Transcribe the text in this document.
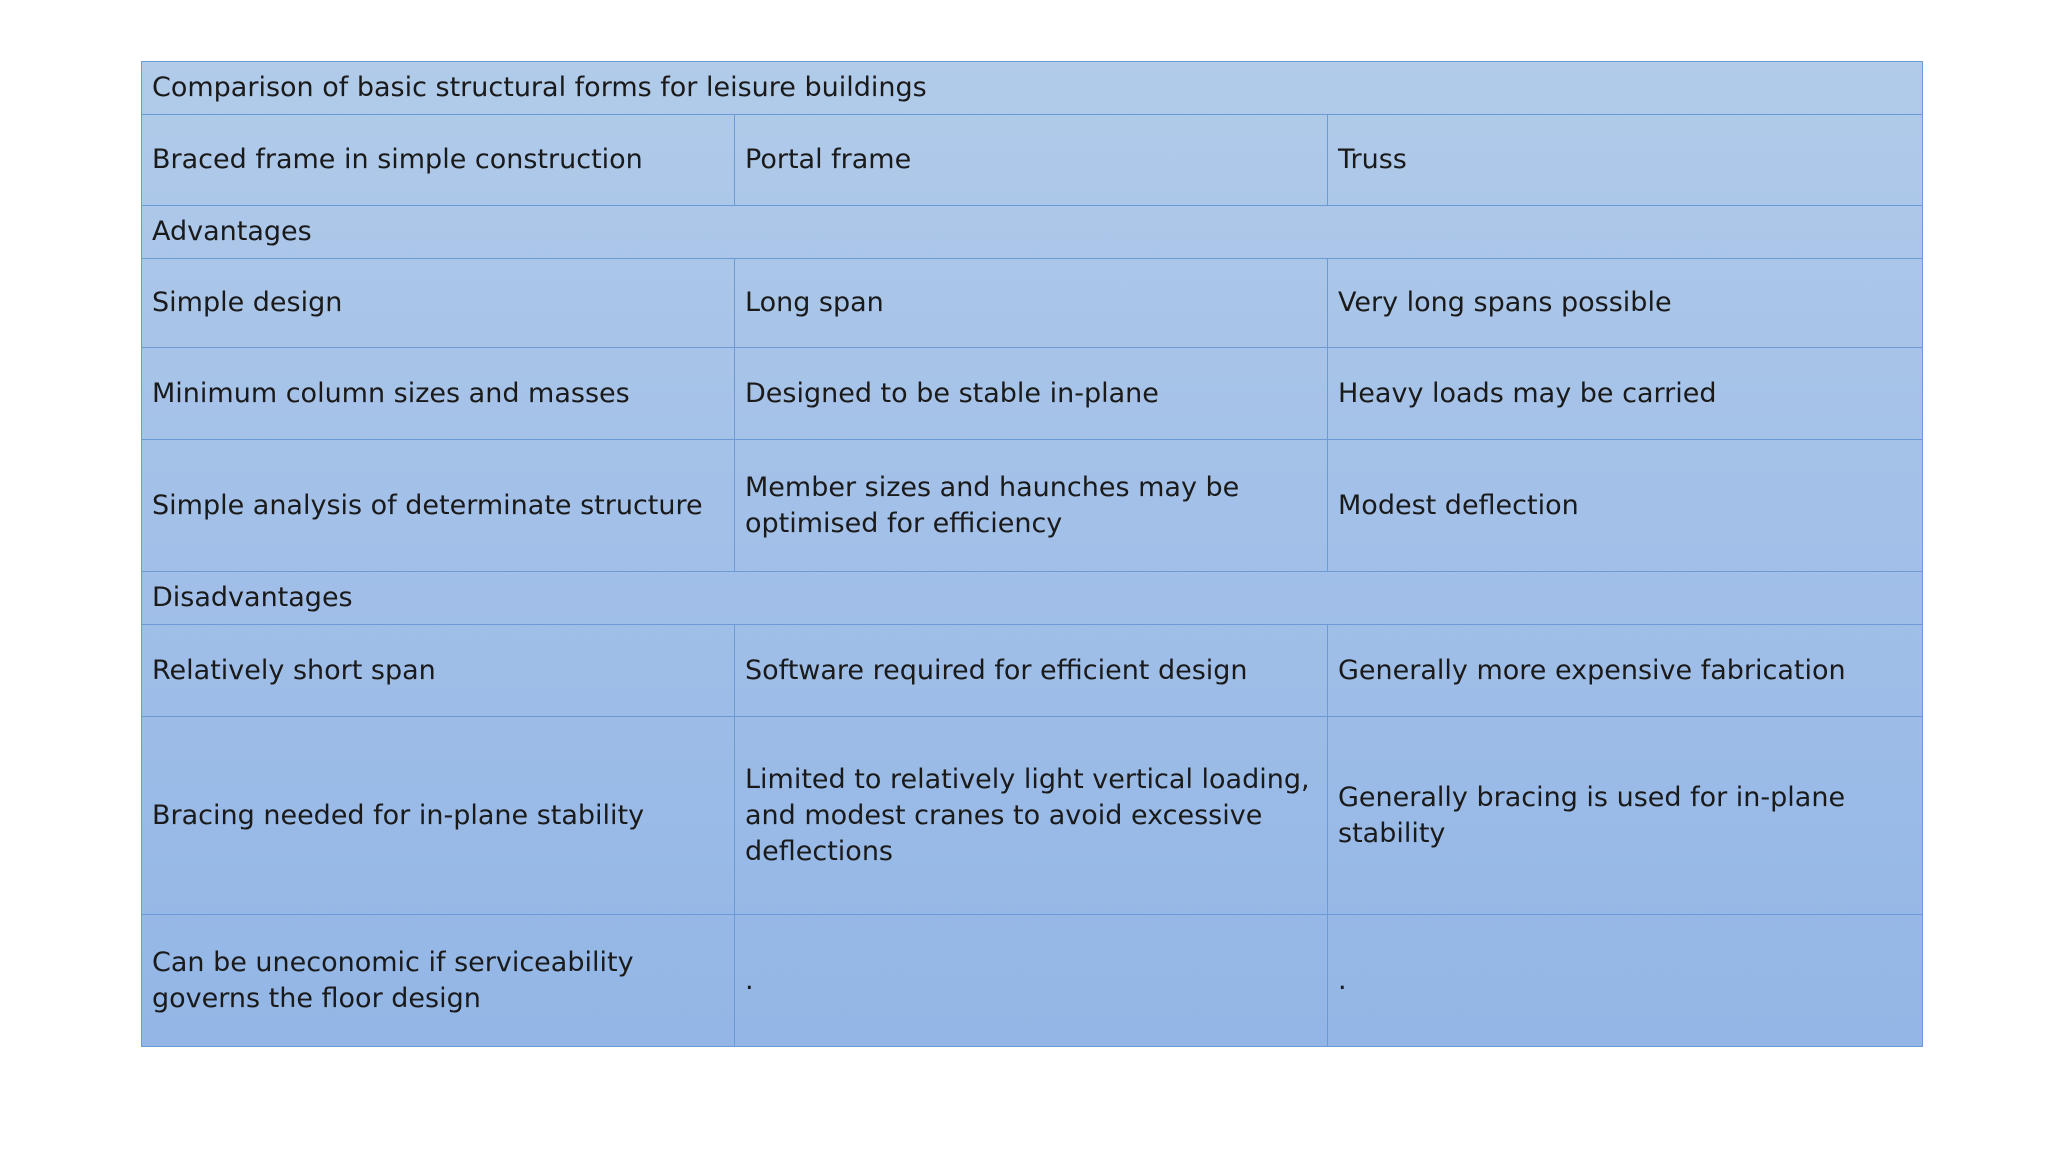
Comparison of basic structural forms for leisure buildings		
Braced frame in simple construction	Portal frame	Truss
Advantages		
Simple design	Long span	Very long spans possible
Minimum column sizes and masses	Designed to be stable in-plane	Heavy loads may be carried
Simple analysis of determinate structure	Member sizes and haunches may be optimised for efficiency	Modest deflection
Disadvantages		
Relatively short span	Software required for efficient design	Generally more expensive fabrication
Bracing needed for in-plane stability	Limited to relatively light vertical loading, and modest cranes to avoid excessive deflections	Generally bracing is used for in-plane stability
Can be uneconomic if serviceability governs the floor design	.	.
